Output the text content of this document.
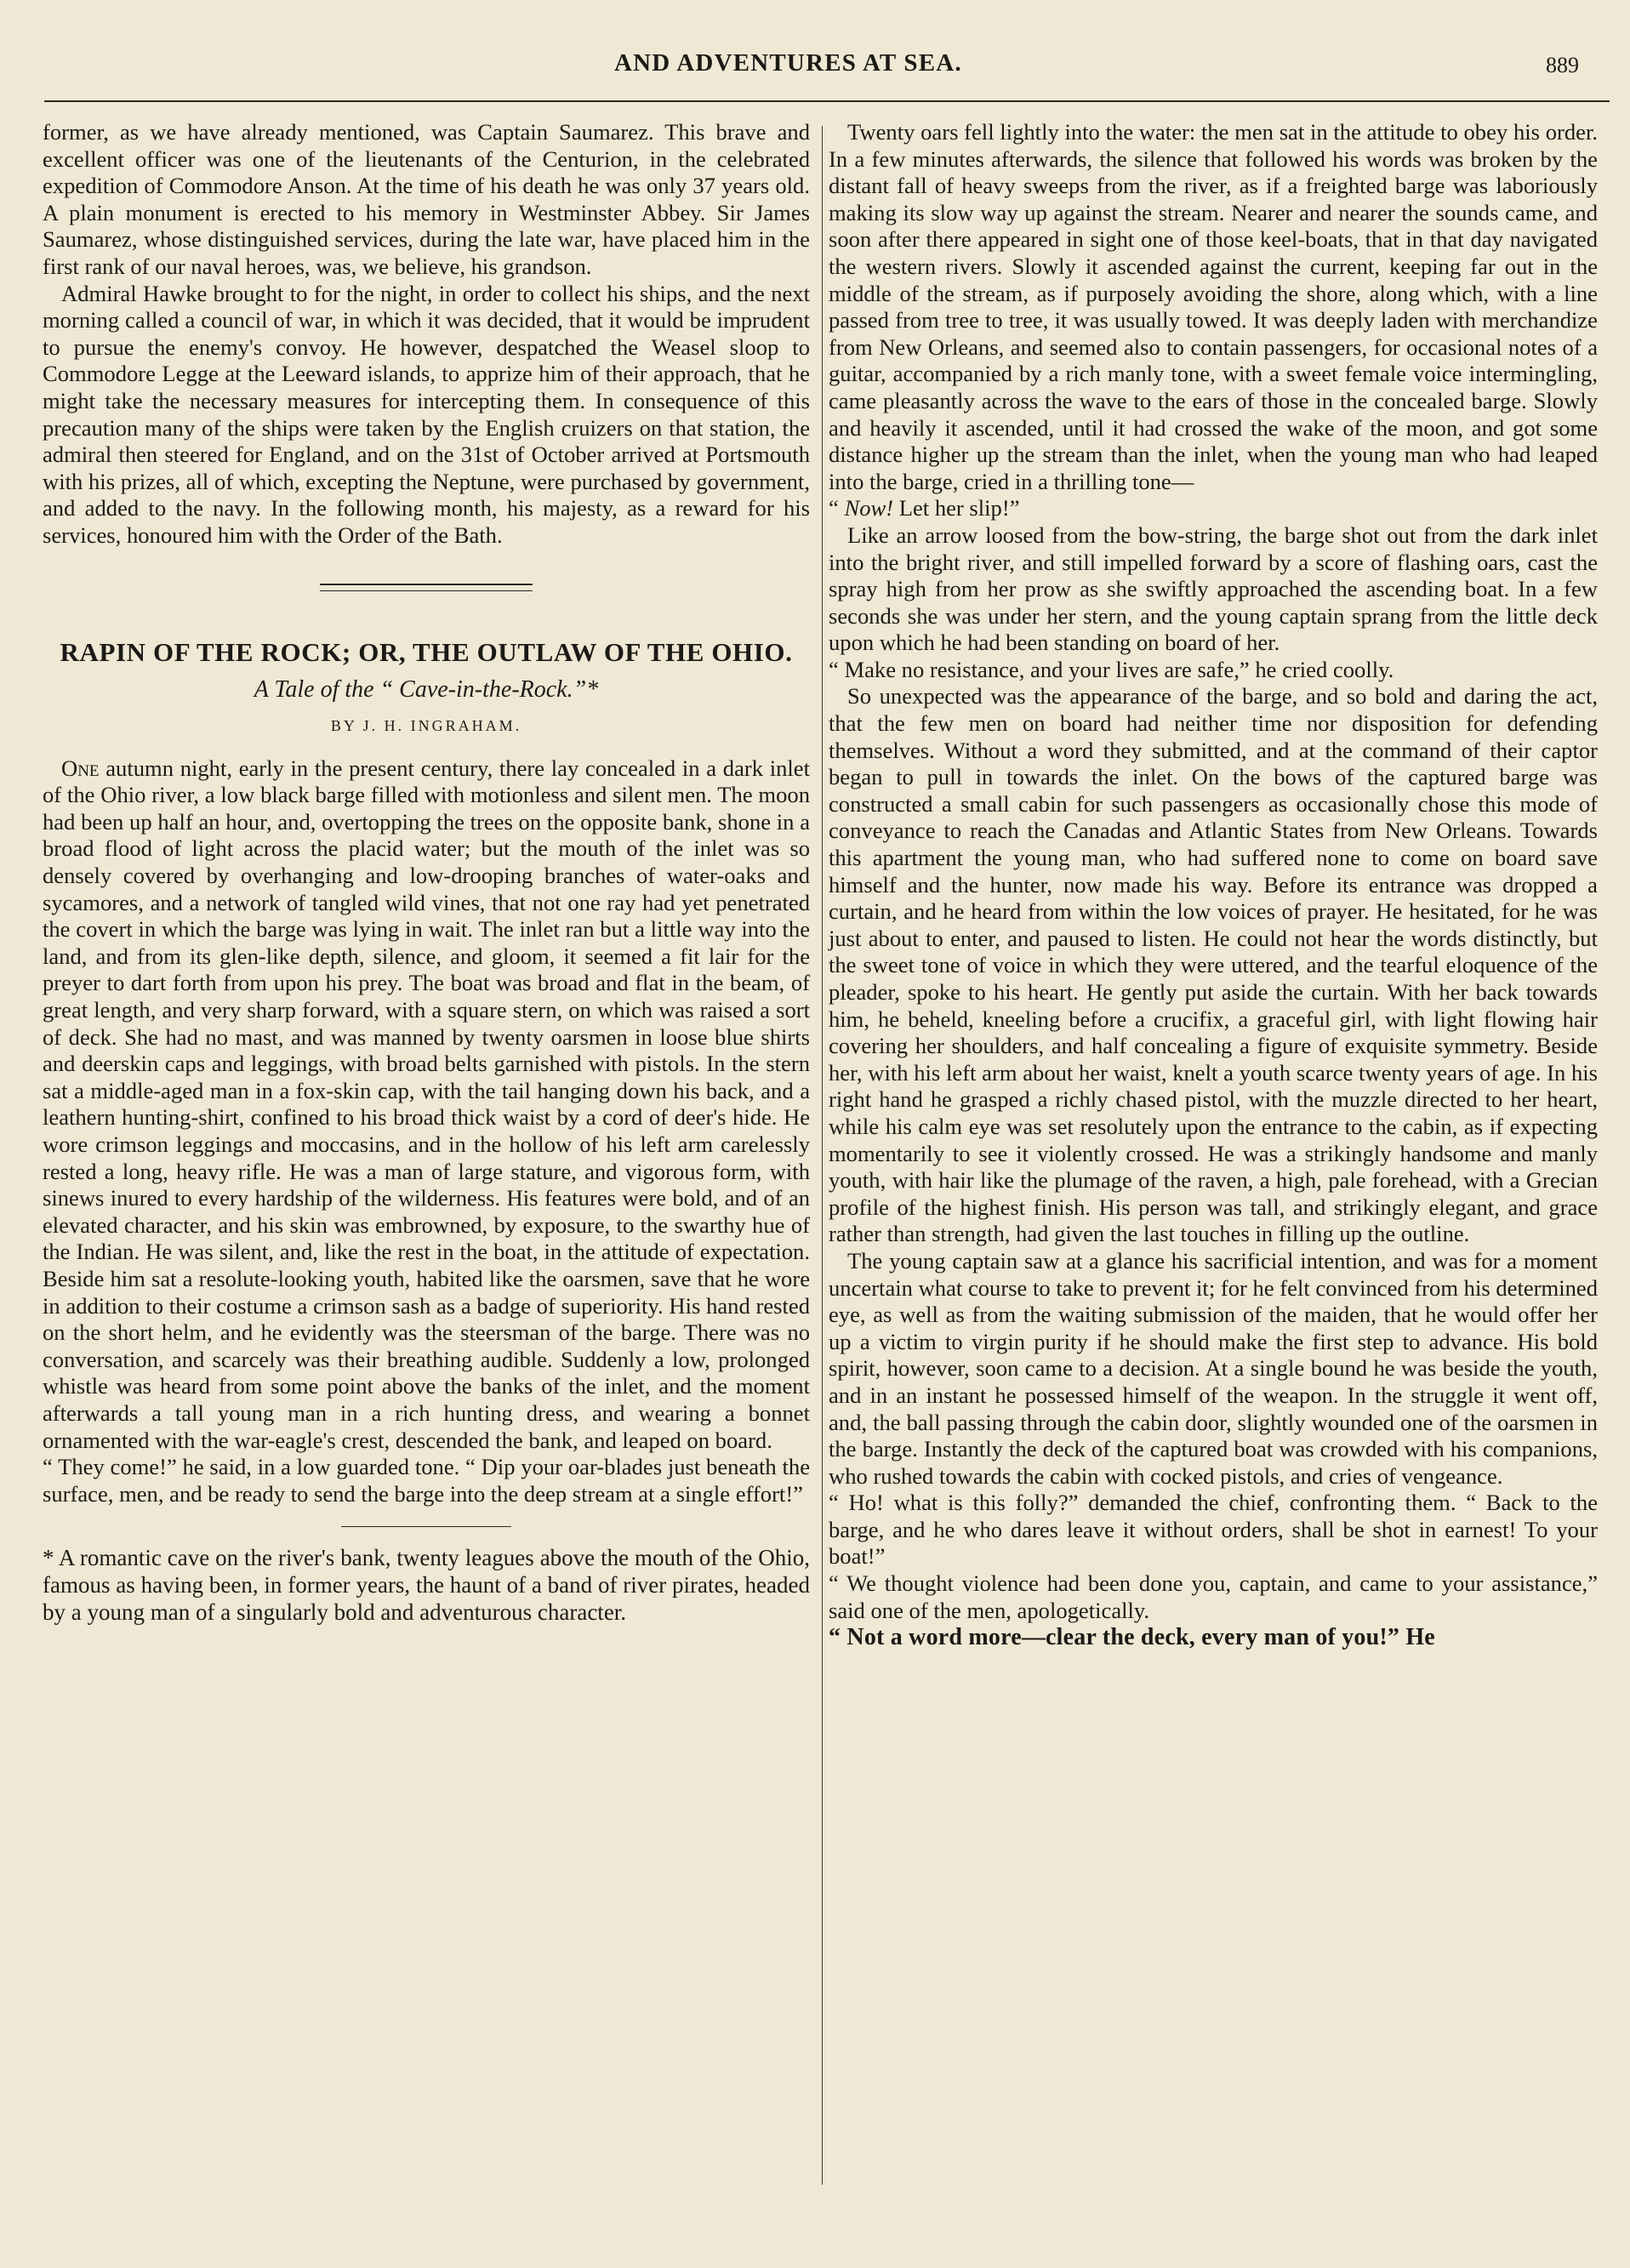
AND ADVENTURES AT SEA.	889

former, as we have already mentioned, was Captain Saumarez. This brave and excellent officer was one of the lieutenants of the Centurion, in the celebrated expedition of Commodore Anson. At the time of his death he was only 37 years old. A plain monument is erected to his memory in Westminster Abbey. Sir James Saumarez, whose distinguished services, during the late war, have placed him in the first rank of our naval heroes, was, we believe, his grandson.

Admiral Hawke brought to for the night, in order to collect his ships, and the next morning called a council of war, in which it was decided, that it would be imprudent to pursue the enemy's convoy. He however, despatched the Weasel sloop to Commodore Legge at the Leeward islands, to apprize him of their approach, that he might take the necessary measures for intercepting them. In consequence of this precaution many of the ships were taken by the English cruizers on that station, the admiral then steered for England, and on the 31st of October arrived at Portsmouth with his prizes, all of which, excepting the Neptune, were purchased by government, and added to the navy. In the following month, his majesty, as a reward for his services, honoured him with the Order of the Bath.

RAPIN OF THE ROCK; OR, THE OUTLAW OF THE OHIO.
A Tale of the “ Cave-in-the-Rock.”*
BY J. H. INGRAHAM.

One autumn night, early in the present century, there lay concealed in a dark inlet of the Ohio river, a low black barge filled with motionless and silent men. The moon had been up half an hour, and, overtopping the trees on the opposite bank, shone in a broad flood of light across the placid water; but the mouth of the inlet was so densely covered by overhanging and low-drooping branches of water-oaks and sycamores, and a network of tangled wild vines, that not one ray had yet penetrated the covert in which the barge was lying in wait. The inlet ran but a little way into the land, and from its glen-like depth, silence, and gloom, it seemed a fit lair for the preyer to dart forth from upon his prey. The boat was broad and flat in the beam, of great length, and very sharp forward, with a square stern, on which was raised a sort of deck. She had no mast, and was manned by twenty oarsmen in loose blue shirts and deerskin caps and leggings, with broad belts garnished with pistols. In the stern sat a middle-aged man in a fox-skin cap, with the tail hanging down his back, and a leathern hunting-shirt, confined to his broad thick waist by a cord of deer's hide. He wore crimson leggings and moccasins, and in the hollow of his left arm carelessly rested a long, heavy rifle. He was a man of large stature, and vigorous form, with sinews inured to every hardship of the wilderness. His features were bold, and of an elevated character, and his skin was embrowned, by exposure, to the swarthy hue of the Indian. He was silent, and, like the rest in the boat, in the attitude of expectation. Beside him sat a resolute-looking youth, habited like the oarsmen, save that he wore in addition to their costume a crimson sash as a badge of superiority. His hand rested on the short helm, and he evidently was the steersman of the barge. There was no conversation, and scarcely was their breathing audible. Suddenly a low, prolonged whistle was heard from some point above the banks of the inlet, and the moment afterwards a tall young man in a rich hunting dress, and wearing a bonnet ornamented with the war-eagle's crest, descended the bank, and leaped on board.

“ They come!” he said, in a low guarded tone. “ Dip your oar-blades just beneath the surface, men, and be ready to send the barge into the deep stream at a single effort!”

* A romantic cave on the river's bank, twenty leagues above the mouth of the Ohio, famous as having been, in former years, the haunt of a band of river pirates, headed by a young man of a singularly bold and adventurous character.

Twenty oars fell lightly into the water: the men sat in the attitude to obey his order. In a few minutes afterwards, the silence that followed his words was broken by the distant fall of heavy sweeps from the river, as if a freighted barge was laboriously making its slow way up against the stream. Nearer and nearer the sounds came, and soon after there appeared in sight one of those keel-boats, that in that day navigated the western rivers. Slowly it ascended against the current, keeping far out in the middle of the stream, as if purposely avoiding the shore, along which, with a line passed from tree to tree, it was usually towed. It was deeply laden with merchandize from New Orleans, and seemed also to contain passengers, for occasional notes of a guitar, accompanied by a rich manly tone, with a sweet female voice intermingling, came pleasantly across the wave to the ears of those in the concealed barge. Slowly and heavily it ascended, until it had crossed the wake of the moon, and got some distance higher up the stream than the inlet, when the young man who had leaped into the barge, cried in a thrilling tone—

“ Now! Let her slip!”

Like an arrow loosed from the bow-string, the barge shot out from the dark inlet into the bright river, and still impelled forward by a score of flashing oars, cast the spray high from her prow as she swiftly approached the ascending boat. In a few seconds she was under her stern, and the young captain sprang from the little deck upon which he had been standing on board of her.

“ Make no resistance, and your lives are safe,” he cried coolly.

So unexpected was the appearance of the barge, and so bold and daring the act, that the few men on board had neither time nor disposition for defending themselves. Without a word they submitted, and at the command of their captor began to pull in towards the inlet. On the bows of the captured barge was constructed a small cabin for such passengers as occasionally chose this mode of conveyance to reach the Canadas and Atlantic States from New Orleans. Towards this apartment the young man, who had suffered none to come on board save himself and the hunter, now made his way. Before its entrance was dropped a curtain, and he heard from within the low voices of prayer. He hesitated, for he was just about to enter, and paused to listen. He could not hear the words distinctly, but the sweet tone of voice in which they were uttered, and the tearful eloquence of the pleader, spoke to his heart. He gently put aside the curtain. With her back towards him, he beheld, kneeling before a crucifix, a graceful girl, with light flowing hair covering her shoulders, and half concealing a figure of exquisite symmetry. Beside her, with his left arm about her waist, knelt a youth scarce twenty years of age. In his right hand he grasped a richly chased pistol, with the muzzle directed to her heart, while his calm eye was set resolutely upon the entrance to the cabin, as if expecting momentarily to see it violently crossed. He was a strikingly handsome and manly youth, with hair like the plumage of the raven, a high, pale forehead, with a Grecian profile of the highest finish. His person was tall, and strikingly elegant, and grace rather than strength, had given the last touches in filling up the outline.

The young captain saw at a glance his sacrificial intention, and was for a moment uncertain what course to take to prevent it; for he felt convinced from his determined eye, as well as from the waiting submission of the maiden, that he would offer her up a victim to virgin purity if he should make the first step to advance. His bold spirit, however, soon came to a decision. At a single bound he was beside the youth, and in an instant he possessed himself of the weapon. In the struggle it went off, and, the ball passing through the cabin door, slightly wounded one of the oarsmen in the barge. Instantly the deck of the captured boat was crowded with his companions, who rushed towards the cabin with cocked pistols, and cries of vengeance.

“ Ho! what is this folly?” demanded the chief, confronting them. “ Back to the barge, and he who dares leave it without orders, shall be shot in earnest! To your boat!”

“ We thought violence had been done you, captain, and came to your assistance,” said one of the men, apologetically.

“ Not a word more—clear the deck, every man of you!” He
